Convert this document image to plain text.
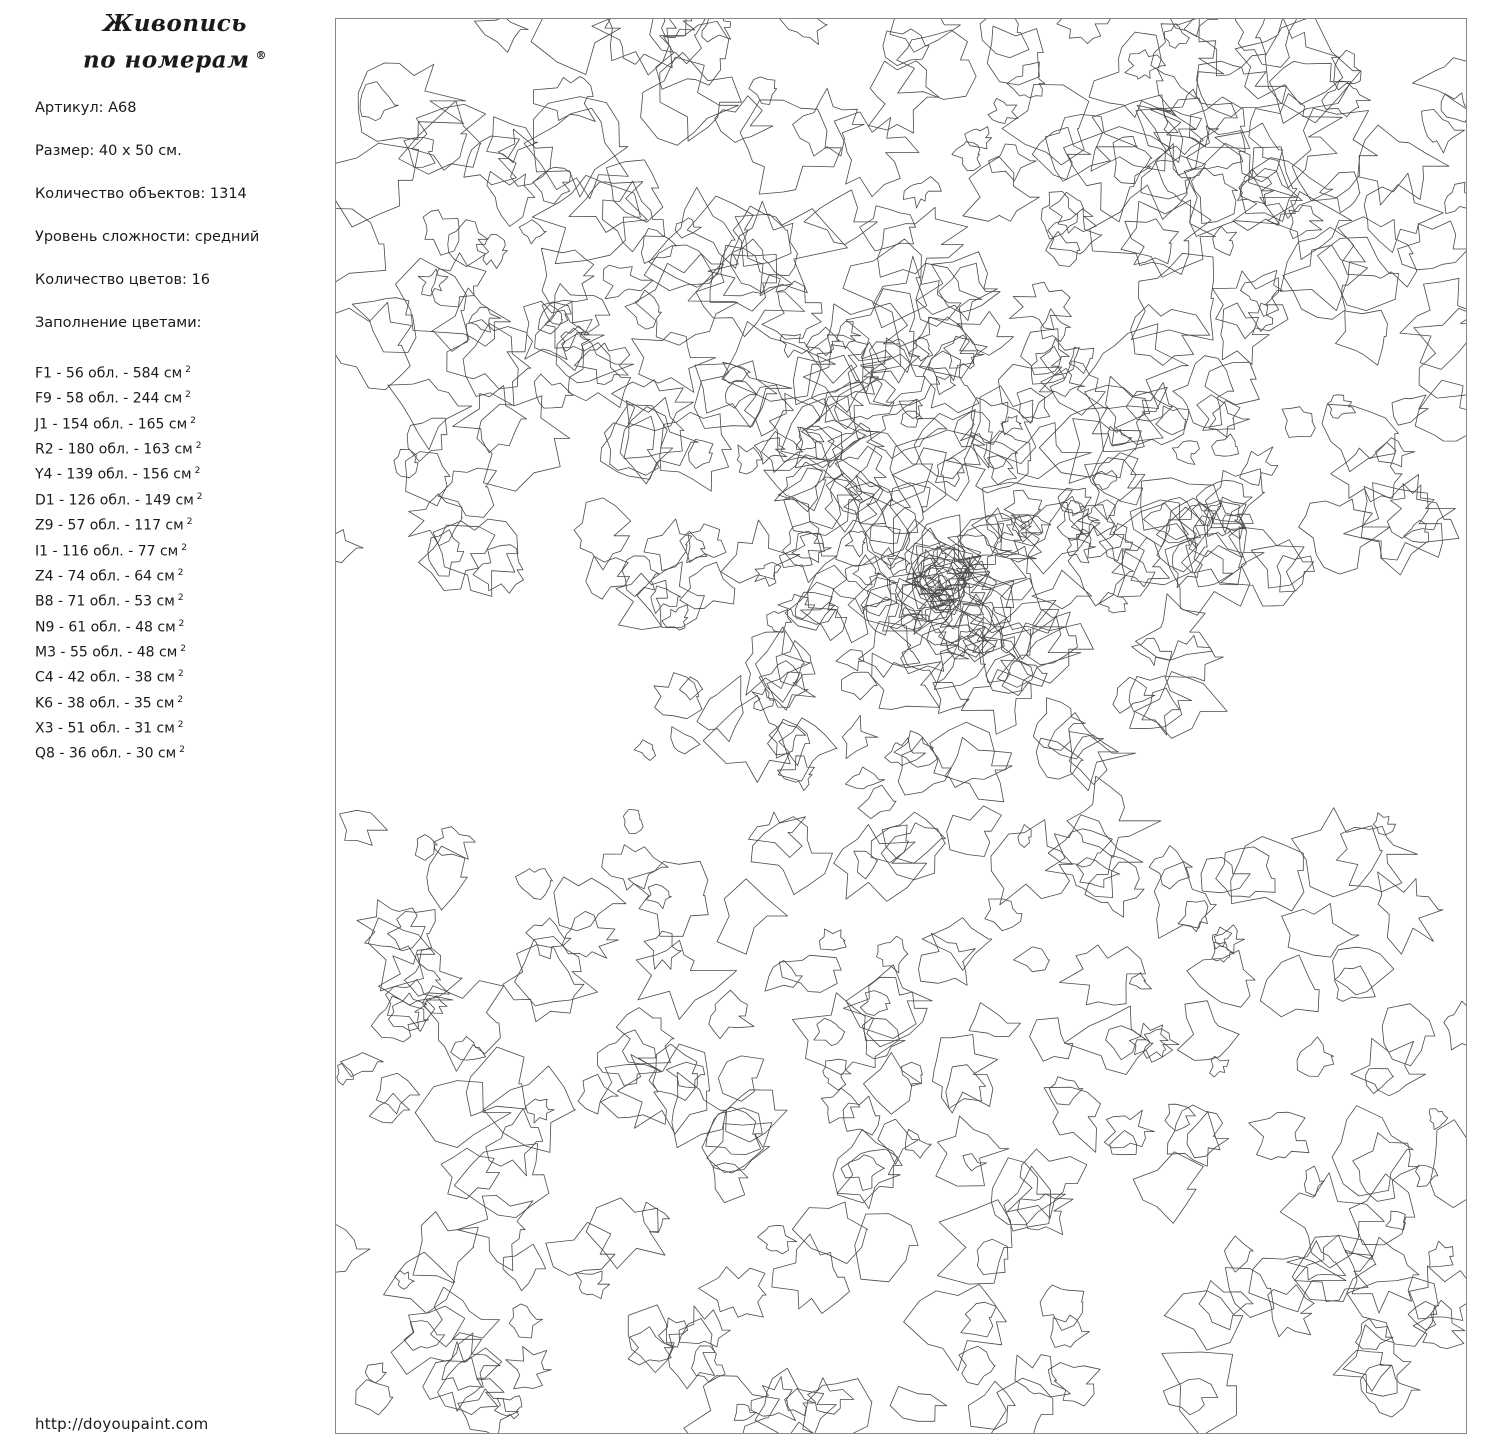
Живопись
по номерам ®
Артикул: А68
Размер: 40 х 50 см.
Количество объектов: 1314
Уровень сложности: средний
Количество цветов: 16
Заполнение цветами:
F1 - 56 обл. - 584 см $^2$
F9 - 58 обл. - 244 см $^2$
J1 - 154 обл. - 165 см $^2$
R2 - 180 обл. - 163 см $^2$
Y4 - 139 обл. - 156 см $^2$
D1 - 126 обл. - 149 см $^2$
Z9 - 57 обл. - 117 см $^2$
I1 - 116 обл. - 77 см $^2$
Z4 - 74 обл. - 64 см $^2$
B8 - 71 обл. - 53 см $^2$
N9 - 61 обл. - 48 см $^2$
M3 - 55 обл. - 48 см $^2$
C4 - 42 обл. - 38 см $^2$
K6 - 38 обл. - 35 см $^2$
X3 - 51 обл. - 31 см $^2$
Q8 - 36 обл. - 30 см $^2$
http://doyoupaint.com
